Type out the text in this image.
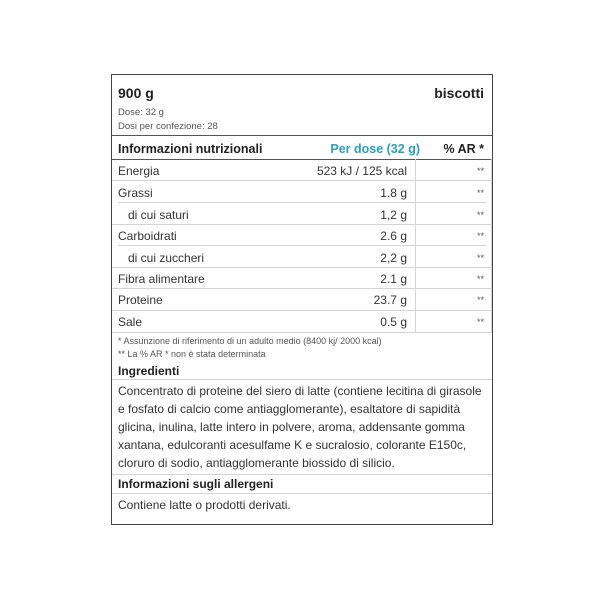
900 g	biscotti
Dose: 32 g
Dosi per confezione: 28
Informazioni nutrizionali	Per dose (32 g) % AR *
Energia	523 kJ / 125 kcal	**
Grassi	1.8 g	**
di cui saturi	1,2 g	**
Carboidrati	2.6 g	**
di cui zuccheri	2,2 g	**
Fibra alimentare	2.1 g	**
Proteine	23.7 g	**
Sale	0.5 g	**
* Assunzione di riferimento di un adulto medio (8400 kj/ 2000 kcal)
** La % AR * non è stata determinata
Ingredienti
Concentrato di proteine del siero di latte (contiene lecitina di girasole
e fosfato di calcio come antiagglomerante), esaltatore di sapidità
glicina, inulina, latte intero in polvere, aroma, addensante gomma
xantana, edulcoranti acesulfame K e sucralosio, colorante E150c,
cloruro di sodio, antiagglomerante biossido di silicio.
Informazioni sugli allergeni
Contiene latte o prodotti derivati.
